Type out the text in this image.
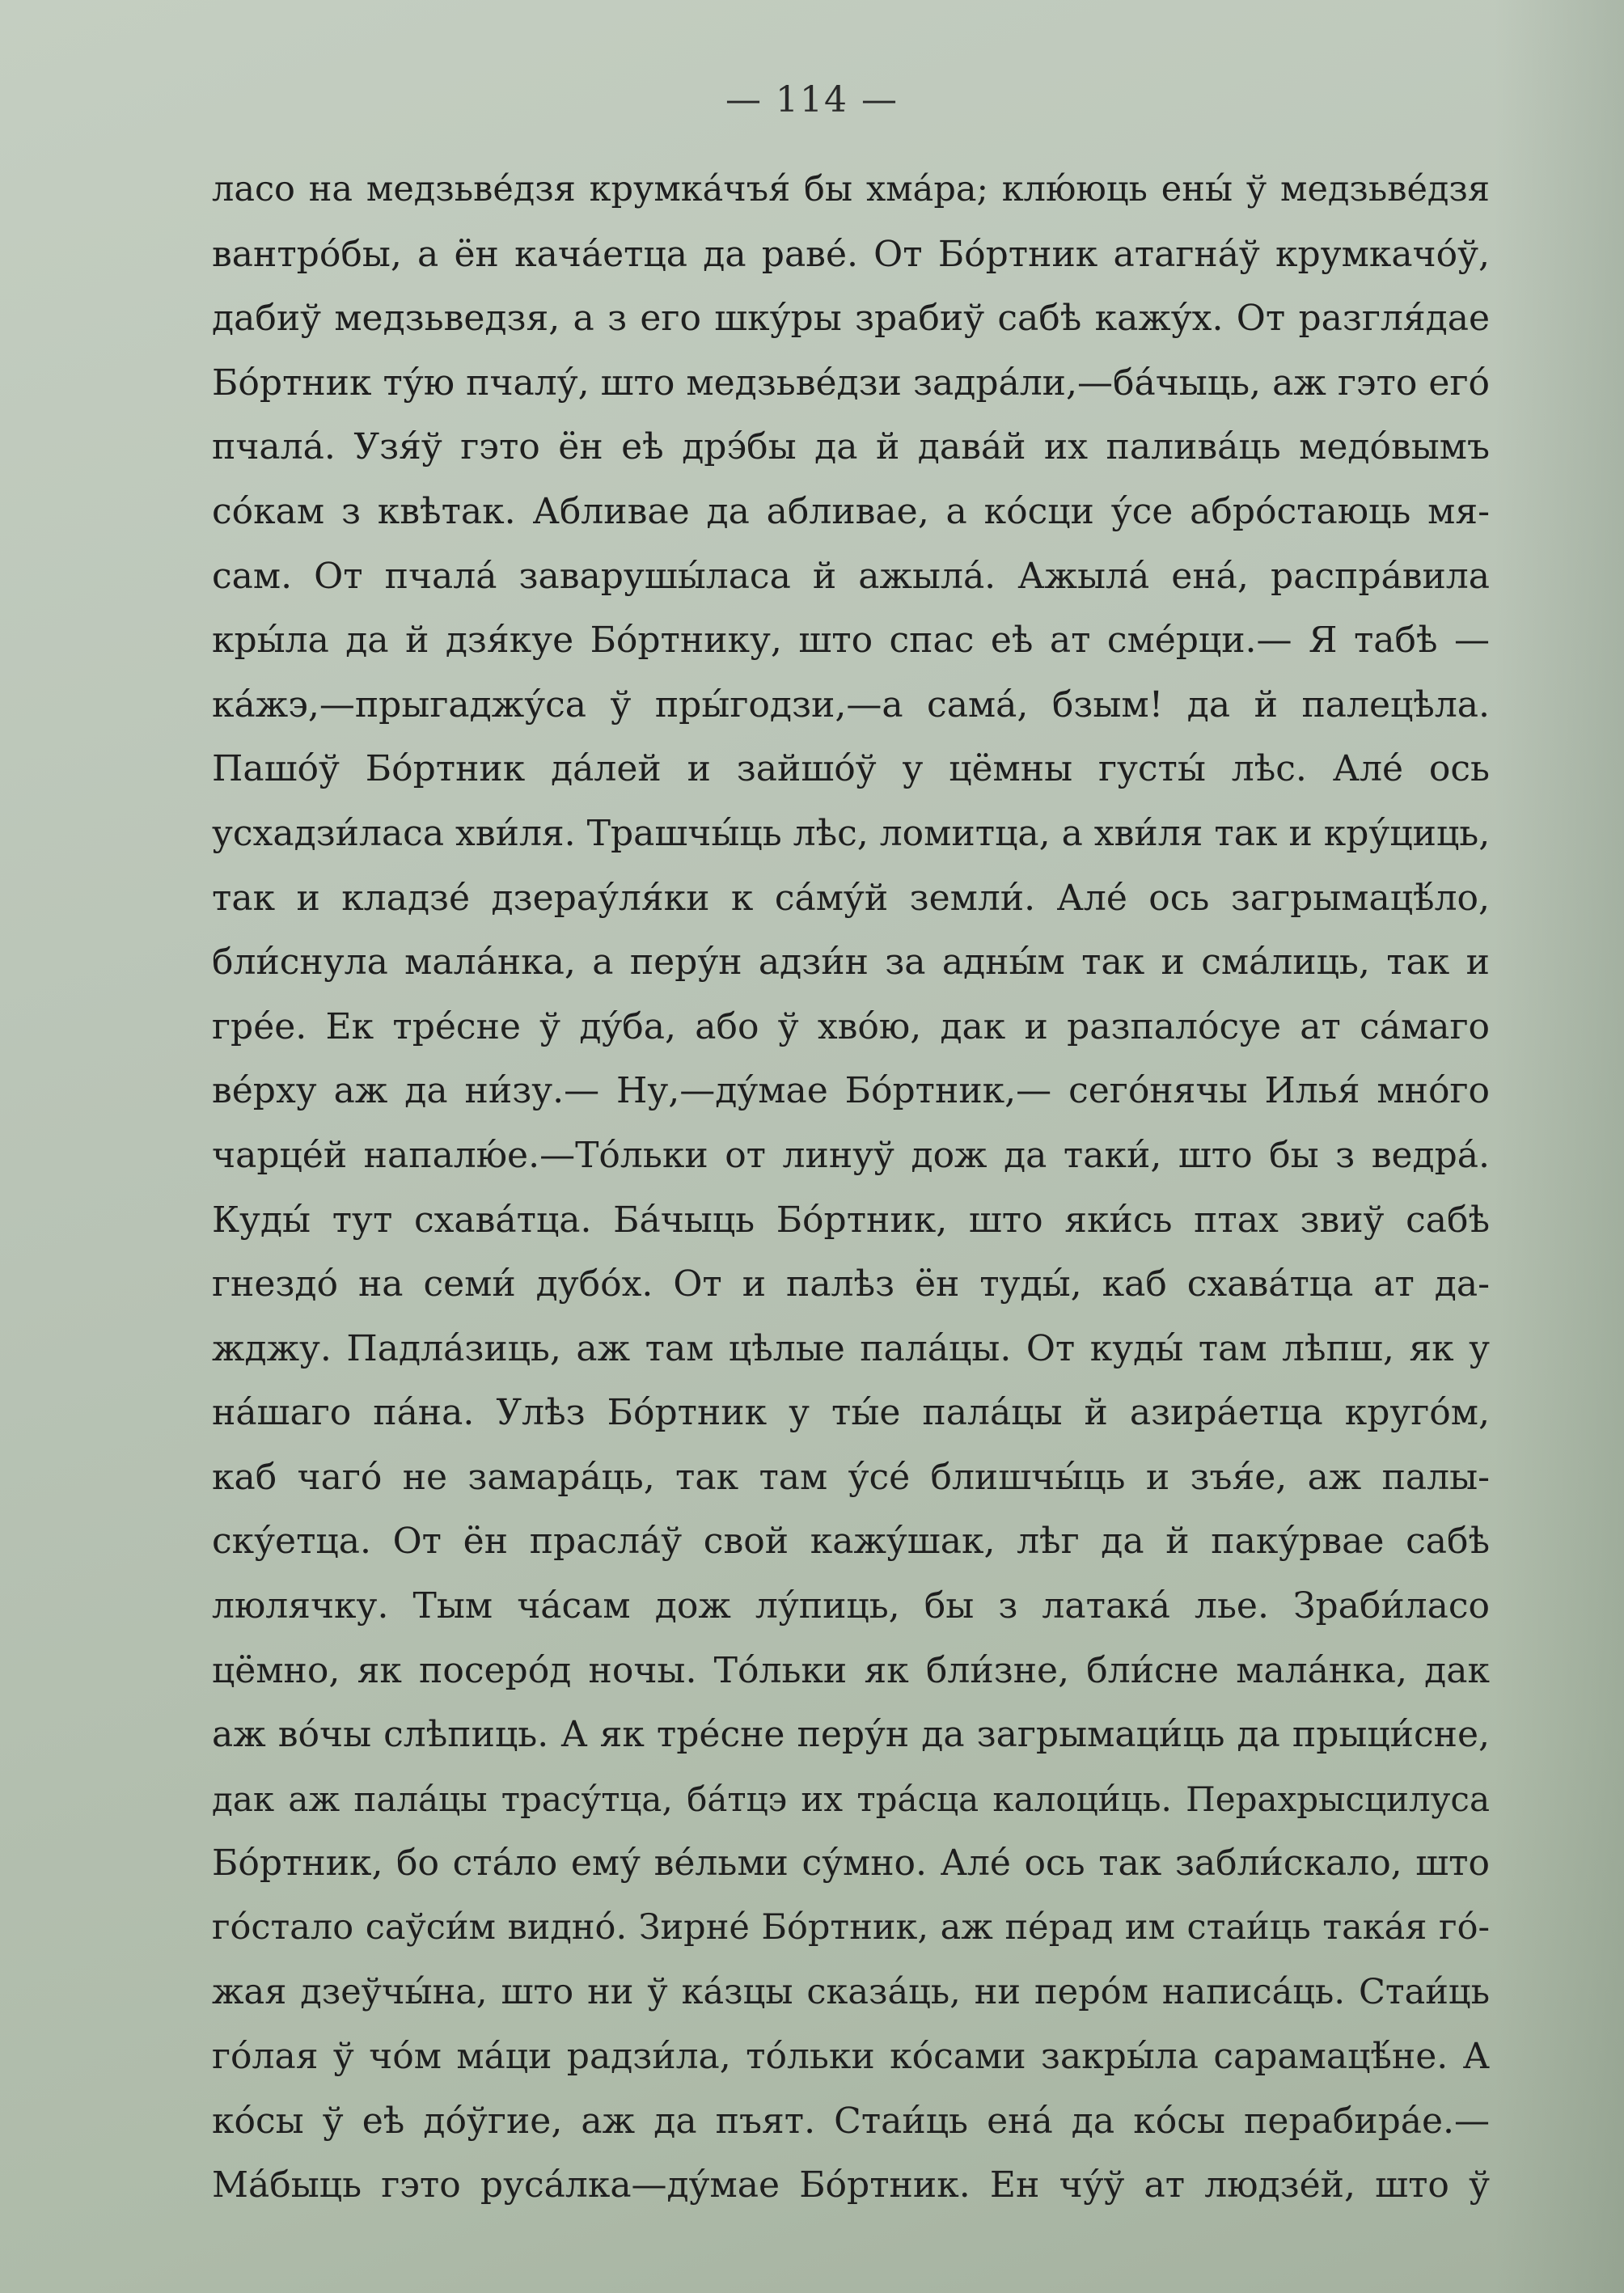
— 114 —
ласо на медзьве́дзя крумка́чъя́ бы хма́ра; клю́юць ены́ ў медзьве́дзя
вантро́бы, а ён кача́етца да раве́. От Бо́ртник атагна́ў крумкачо́ў,
дабиў медзьведзя, а з его шку́ры зрабиў сабѣ кажу́х. От разгля́дае
Бо́ртник ту́ю пчалу́, што медзьве́дзи задра́ли,—ба́чыць, аж гэто его́
пчала́. Узя́ў гэто ён еѣ дрэ́бы да й дава́й их палива́ць медо́вымъ
со́кам з квѣтак. Абливае да абливае, а ко́сци у́се абро́стаюць мя-
сам. От пчала́ заварушы́ласа й ажыла́. Ажыла́ ена́, распра́вила
кры́ла да й дзя́куе Бо́ртнику, што спас еѣ ат сме́рци.— Я табѣ —
ка́жэ,—прыгаджу́са ў пры́годзи,—а сама́, бзым! да й палецѣла.
Пашо́ў Бо́ртник да́лей и зайшо́ў у цёмны густы́ лѣс. Але́ ось
усхадзи́ласа хви́ля. Трашчы́ць лѣс, ломитца, а хви́ля так и кру́циць,
так и кладзе́ дзерау́ля́ки к са́му́й земли́. Але́ ось загрымацѣ́ло,
бли́снула мала́нка, а перу́н адзи́н за адны́м так и сма́лиць, так и
гре́е. Ек тре́сне ў ду́ба, або ў хво́ю, дак и разпало́суе ат са́маго
ве́рху аж да ни́зу.— Ну,—ду́мае Бо́ртник,— сего́нячы Илья́ мно́го
чарце́й напалю́е.—То́льки от линуў дож да таки́, што бы з ведра́.
Куды́ тут схава́тца. Ба́чыць Бо́ртник, што яки́сь птах звиў сабѣ
гнездо́ на семи́ дубо́х. От и палѣз ён туды́, каб схава́тца ат да-
жджу. Падла́зиць, аж там цѣлые пала́цы. От куды́ там лѣпш, як у
на́шаго па́на. Улѣз Бо́ртник у ты́е пала́цы й азира́етца круго́м,
каб чаго́ не замара́ць, так там у́се́ блишчы́ць и зъя́е, аж палы-
ску́етца. От ён прасла́ў свой кажу́шак, лѣг да й паку́рвае сабѣ
люлячку. Тым ча́сам дож лу́пиць, бы з латака́ лье. Зраби́ласо
цёмно, як посеро́д ночы. То́льки як бли́зне, бли́сне мала́нка, дак
аж во́чы слѣпиць. А як тре́сне перу́н да загрымаци́ць да прыци́сне,
дак аж пала́цы трасу́тца, ба́тцэ их тра́сца калоци́ць. Перахрысцилуса
Бо́ртник, бо ста́ло ему́ ве́льми су́мно. Але́ ось так забли́скало, што
го́стало саўси́м видно́. Зирне́ Бо́ртник, аж пе́рад им стаи́ць така́я го́-
жая дзеўчы́на, што ни ў ка́зцы сказа́ць, ни перо́м написа́ць. Стаи́ць
го́лая ў чо́м ма́ци радзи́ла, то́льки ко́сами закры́ла сарамацѣ́не. А
ко́сы ў еѣ до́ўгие, аж да пъят. Стаи́ць ена́ да ко́сы перабира́е.—
Ма́быць гэто руса́лка—ду́мае Бо́ртник. Ен чу́ў ат людзе́й, што ў
